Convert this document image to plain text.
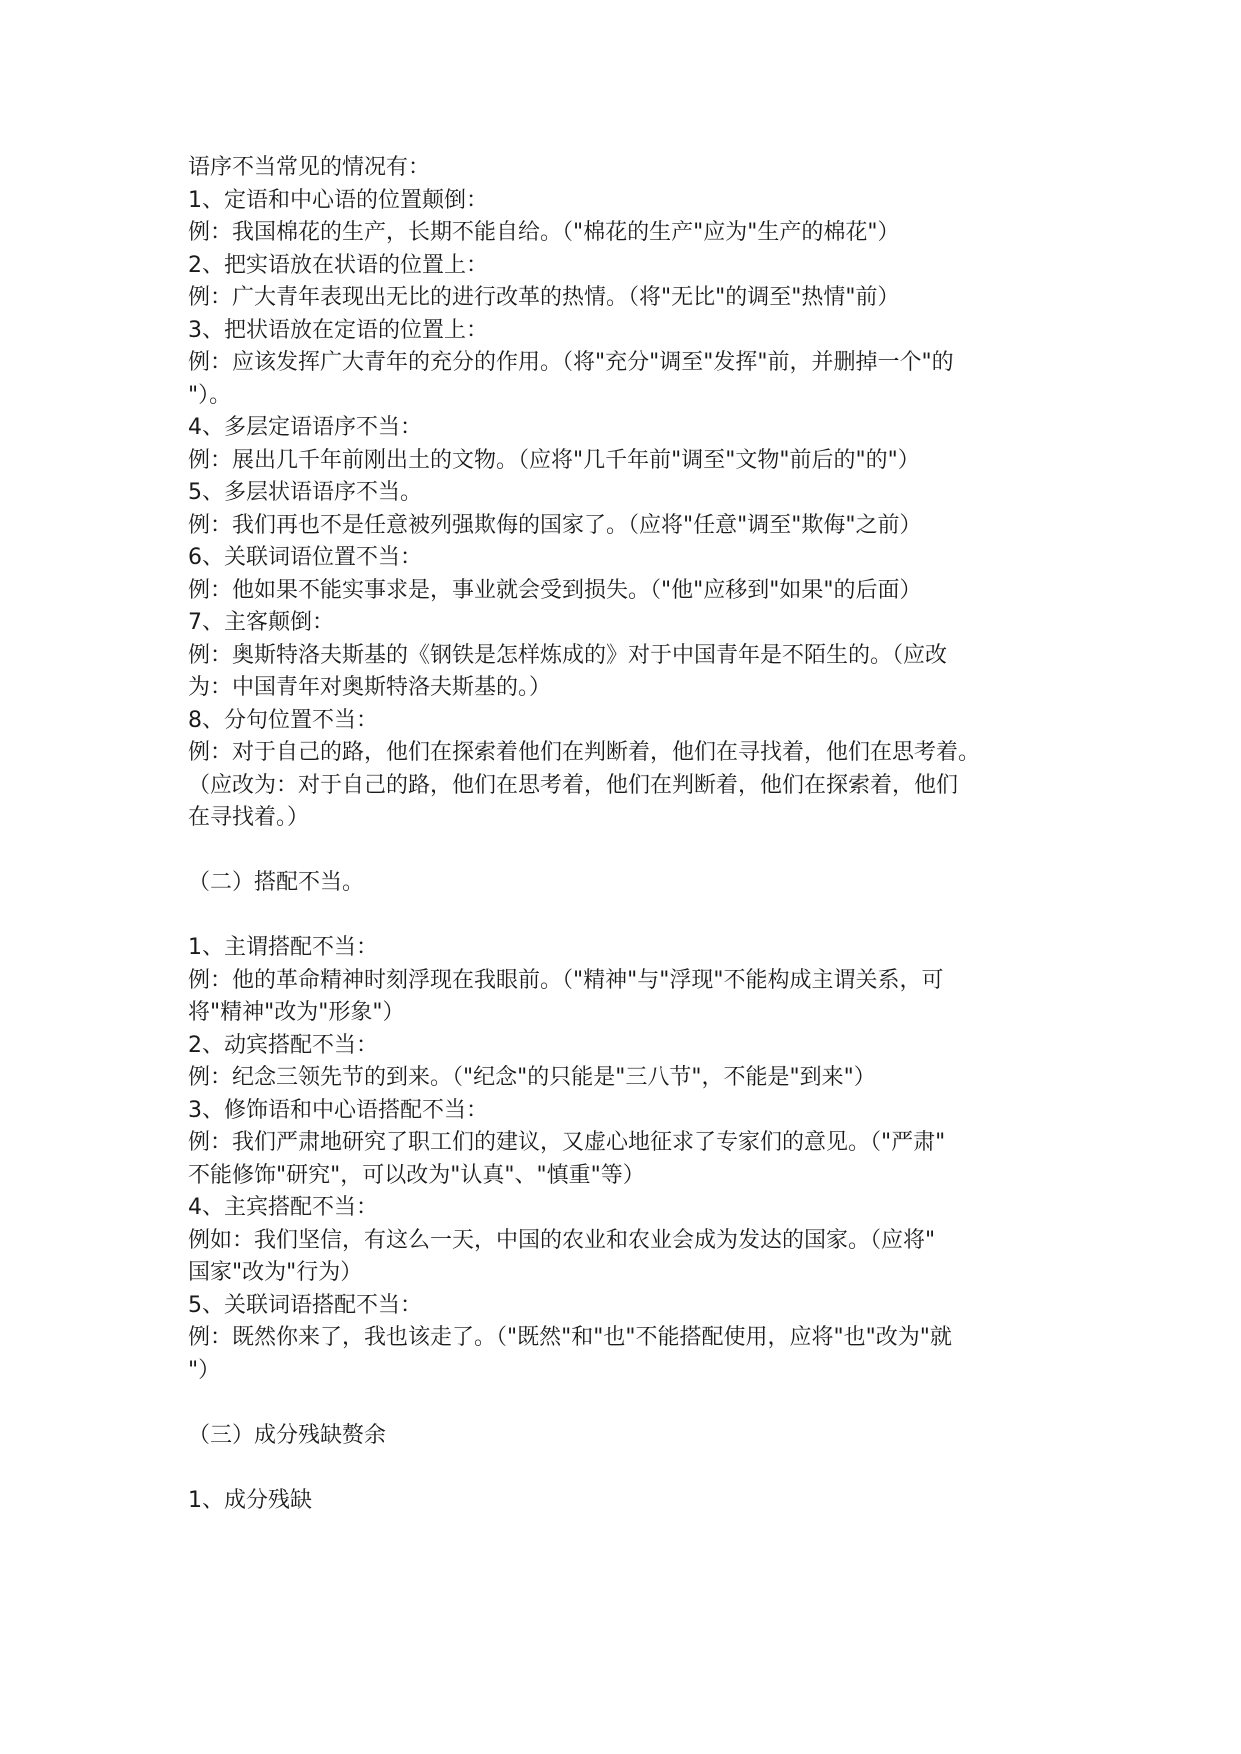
语序不当常见的情况有：
1、定语和中心语的位置颠倒：
例：我国棉花的生产，长期不能自给。（"棉花的生产"应为"生产的棉花"）
2、把实语放在状语的位置上：
例：广大青年表现出无比的进行改革的热情。（将"无比"的调至"热情"前）
3、把状语放在定语的位置上：
例：应该发挥广大青年的充分的作用。（将"充分"调至"发挥"前，并删掉一个"的
"）。
4、多层定语语序不当：
例：展出几千年前刚出土的文物。（应将"几千年前"调至"文物"前后的"的"）
5、多层状语语序不当。
例：我们再也不是任意被列强欺侮的国家了。（应将"任意"调至"欺侮"之前）
6、关联词语位置不当：
例：他如果不能实事求是，事业就会受到损失。（"他"应移到"如果"的后面）
7、主客颠倒：
例：奥斯特洛夫斯基的《钢铁是怎样炼成的》对于中国青年是不陌生的。（应改
为：中国青年对奥斯特洛夫斯基的。）
8、分句位置不当：
例：对于自己的路，他们在探索着他们在判断着，他们在寻找着，他们在思考着。
（应改为：对于自己的路，他们在思考着，他们在判断着，他们在探索着，他们
在寻找着。）
（二）搭配不当。
1、主谓搭配不当：
例：他的革命精神时刻浮现在我眼前。（"精神"与"浮现"不能构成主谓关系，可
将"精神"改为"形象"）
2、动宾搭配不当：
例：纪念三领先节的到来。（"纪念"的只能是"三八节"，不能是"到来"）
3、修饰语和中心语搭配不当：
例：我们严肃地研究了职工们的建议，又虚心地征求了专家们的意见。（"严肃"
不能修饰"研究"，可以改为"认真"、"慎重"等）
4、主宾搭配不当：
例如：我们坚信，有这么一天，中国的农业和农业会成为发达的国家。（应将"
国家"改为"行为）
5、关联词语搭配不当：
例：既然你来了，我也该走了。（"既然"和"也"不能搭配使用，应将"也"改为"就
"）
（三）成分残缺赘余
1、成分残缺
